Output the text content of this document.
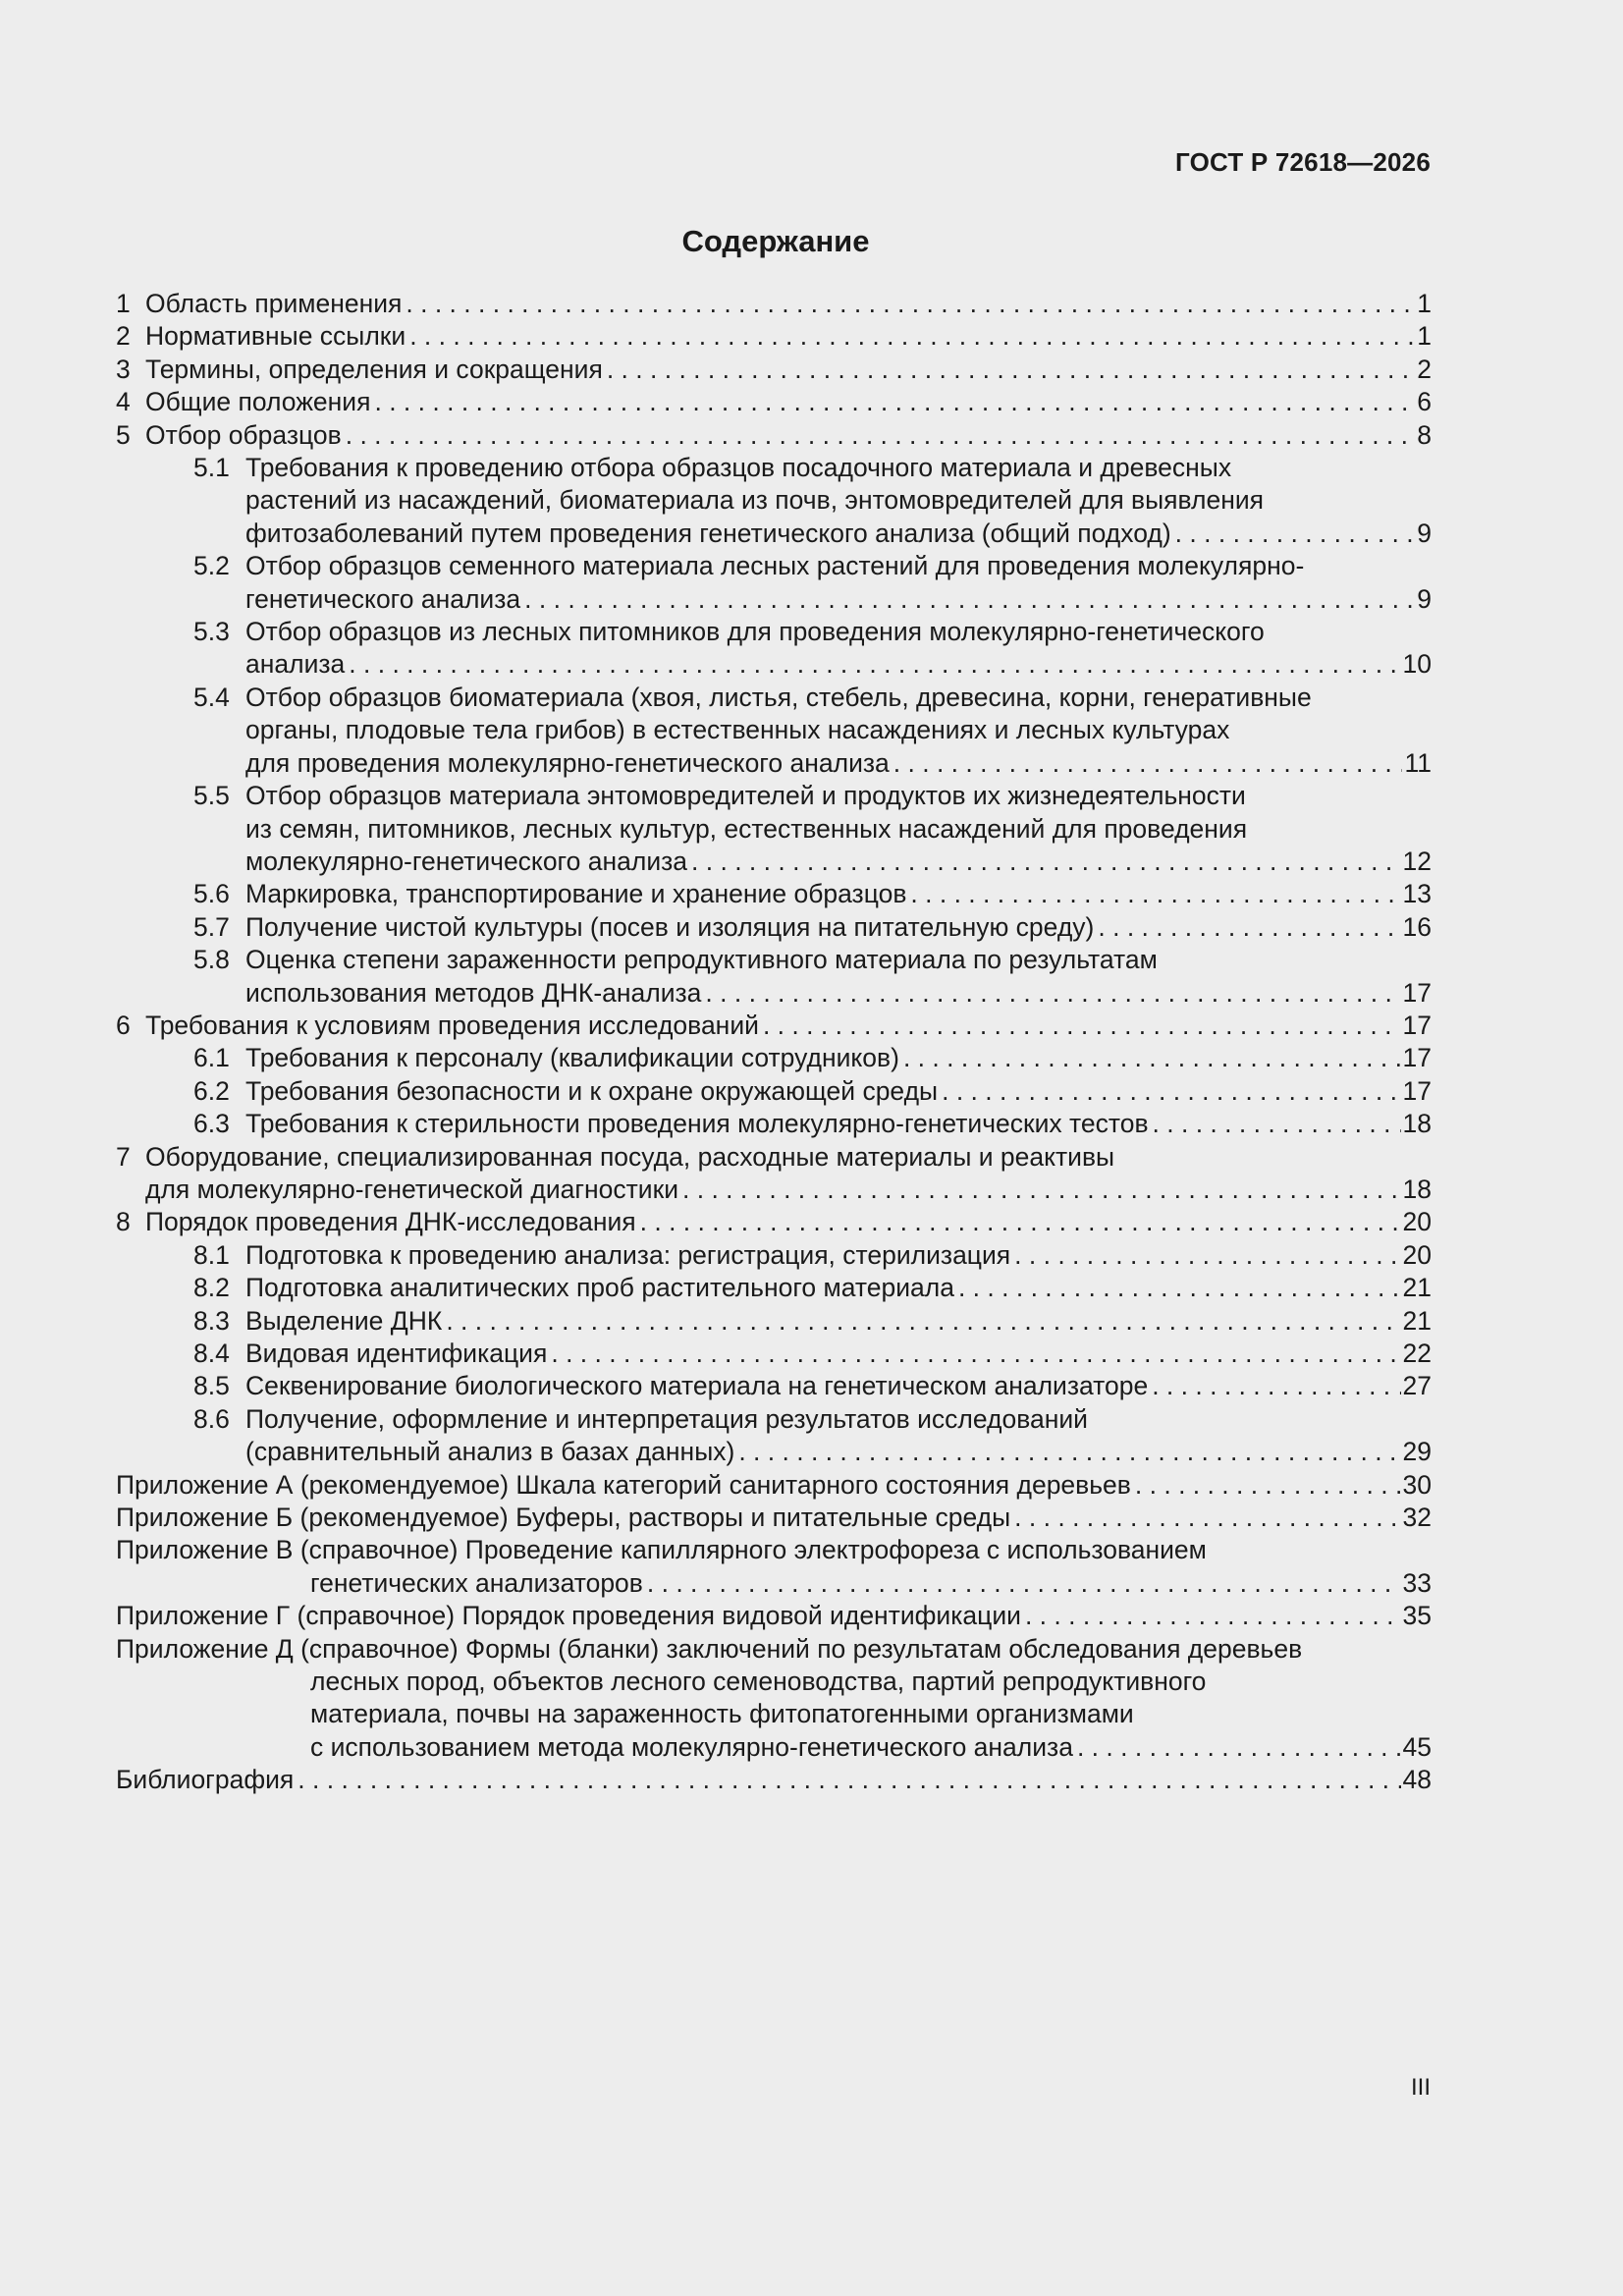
ГОСТ Р 72618—2026
Содержание
1 Область применения . . .	1
2 Нормативные ссылки . . .	1
3 Термины, определения и сокращения . . .	2
4 Общие положения . . .	6
5 Отбор образцов . . .	8
5.1 Требования к проведению отбора образцов посадочного материала и древесных
растений из насаждений, биоматериала из почв, энтомовредителей для выявления
фитозаболеваний путем проведения генетического анализа (общий подход) . . .	9
5.2 Отбор образцов семенного материала лесных растений для проведения молекулярно-
генетического анализа . . .	9
5.3 Отбор образцов из лесных питомников для проведения молекулярно-генетического
анализа . . .	10
5.4 Отбор образцов биоматериала (хвоя, листья, стебель, древесина, корни, генеративные
органы, плодовые тела грибов) в естественных насаждениях и лесных культурах
для проведения молекулярно-генетического анализа . . .	11
5.5 Отбор образцов материала энтомовредителей и продуктов их жизнедеятельности
из семян, питомников, лесных культур, естественных насаждений для проведения
молекулярно-генетического анализа . . .	12
5.6 Маркировка, транспортирование и хранение образцов . . .	13
5.7 Получение чистой культуры (посев и изоляция на питательную среду) . . .	16
5.8 Оценка степени зараженности репродуктивного материала по результатам
использования методов ДНК-анализа . . .	17
6 Требования к условиям проведения исследований . . .	17
6.1 Требования к персоналу (квалификации сотрудников) . . .	17
6.2 Требования безопасности и к охране окружающей среды . . .	17
6.3 Требования к стерильности проведения молекулярно-генетических тестов . . .	18
7 Оборудование, специализированная посуда, расходные материалы и реактивы
для молекулярно-генетической диагностики . . .	18
8 Порядок проведения ДНК-исследования . . .	20
8.1 Подготовка к проведению анализа: регистрация, стерилизация . . .	20
8.2 Подготовка аналитических проб растительного материала . . .	21
8.3 Выделение ДНК . . .	21
8.4 Видовая идентификация . . .	22
8.5 Секвенирование биологического материала на генетическом анализаторе . . .	27
8.6 Получение, оформление и интерпретация результатов исследований
(сравнительный анализ в базах данных) . . .	29
Приложение А (рекомендуемое) Шкала категорий санитарного состояния деревьев . . .	30
Приложение Б (рекомендуемое) Буферы, растворы и питательные среды . . .	32
Приложение В (справочное) Проведение капиллярного электрофореза с использованием
генетических анализаторов . . .	33
Приложение Г (справочное) Порядок проведения видовой идентификации . . .	35
Приложение Д (справочное) Формы (бланки) заключений по результатам обследования деревьев
лесных пород, объектов лесного семеноводства, партий репродуктивного
материала, почвы на зараженность фитопатогенными организмами
с использованием метода молекулярно-генетического анализа . . .	45
Библиография . . .	48
III
